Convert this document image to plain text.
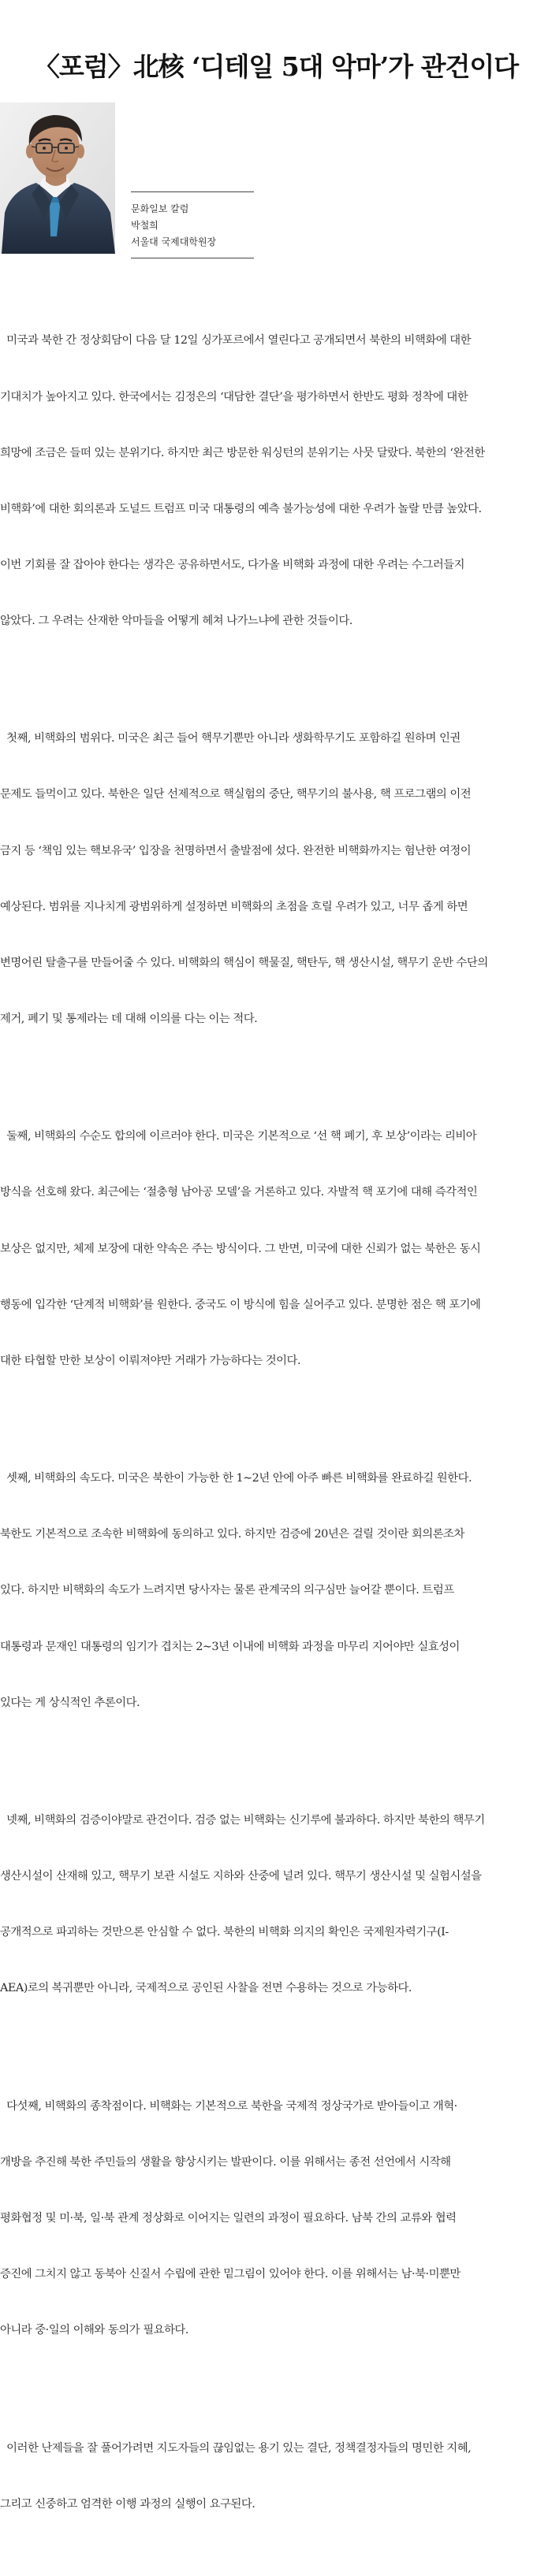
〈포럼〉北核 ‘디테일 5대 악마’가 관건이다
문화일보 칼럼
박철희
서울대 국제대학원장

미국과 북한 간 정상회담이 다음 달 12일 싱가포르에서 열린다고 공개되면서 북한의 비핵화에 대한

기대치가 높아지고 있다. 한국에서는 김정은의 ‘대담한 결단’을 평가하면서 한반도 평화 정착에 대한

희망에 조금은 들떠 있는 분위기다. 하지만 최근 방문한 워싱턴의 분위기는 사뭇 달랐다. 북한의 ‘완전한

비핵화’에 대한 회의론과 도널드 트럼프 미국 대통령의 예측 불가능성에 대한 우려가 놀랄 만큼 높았다.

이번 기회를 잘 잡아야 한다는 생각은 공유하면서도, 다가올 비핵화 과정에 대한 우려는 수그러들지

않았다. 그 우려는 산재한 악마들을 어떻게 헤쳐 나가느냐에 관한 것들이다.

첫째, 비핵화의 범위다. 미국은 최근 들어 핵무기뿐만 아니라 생화학무기도 포함하길 원하며 인권

문제도 들먹이고 있다. 북한은 일단 선제적으로 핵실험의 중단, 핵무기의 불사용, 핵 프로그램의 이전

금지 등 ‘책임 있는 핵보유국’ 입장을 천명하면서 출발점에 섰다. 완전한 비핵화까지는 험난한 여정이

예상된다. 범위를 지나치게 광범위하게 설정하면 비핵화의 초점을 흐릴 우려가 있고, 너무 좁게 하면

변명어린 탈출구를 만들어줄 수 있다. 비핵화의 핵심이 핵물질, 핵탄두, 핵 생산시설, 핵무기 운반 수단의

제거, 폐기 및 통제라는 데 대해 이의를 다는 이는 적다.

둘째, 비핵화의 수순도 합의에 이르러야 한다. 미국은 기본적으로 ‘선 핵 폐기, 후 보상’이라는 리비아

방식을 선호해 왔다. 최근에는 ‘절충형 남아공 모델’을 거론하고 있다. 자발적 핵 포기에 대해 즉각적인

보상은 없지만, 체제 보장에 대한 약속은 주는 방식이다. 그 반면, 미국에 대한 신뢰가 없는 북한은 동시

행동에 입각한 ‘단계적 비핵화’를 원한다. 중국도 이 방식에 힘을 실어주고 있다. 분명한 점은 핵 포기에

대한 타협할 만한 보상이 이뤄져야만 거래가 가능하다는 것이다.

셋째, 비핵화의 속도다. 미국은 북한이 가능한 한 1∼2년 안에 아주 빠른 비핵화를 완료하길 원한다.

북한도 기본적으로 조속한 비핵화에 동의하고 있다. 하지만 검증에 20년은 걸릴 것이란 회의론조차

있다. 하지만 비핵화의 속도가 느려지면 당사자는 물론 관계국의 의구심만 늘어갈 뿐이다. 트럼프

대통령과 문재인 대통령의 임기가 겹치는 2∼3년 이내에 비핵화 과정을 마무리 지어야만 실효성이

있다는 게 상식적인 추론이다.

넷째, 비핵화의 검증이야말로 관건이다. 검증 없는 비핵화는 신기루에 불과하다. 하지만 북한의 핵무기

생산시설이 산재해 있고, 핵무기 보관 시설도 지하와 산중에 널려 있다. 핵무기 생산시설 및 실험시설을

공개적으로 파괴하는 것만으론 안심할 수 없다. 북한의 비핵화 의지의 확인은 국제원자력기구(I-

AEA)로의 복귀뿐만 아니라, 국제적으로 공인된 사찰을 전면 수용하는 것으로 가능하다.

다섯째, 비핵화의 종착점이다. 비핵화는 기본적으로 북한을 국제적 정상국가로 받아들이고 개혁·

개방을 추진해 북한 주민들의 생활을 향상시키는 발판이다. 이를 위해서는 종전 선언에서 시작해

평화협정 및 미·북, 일·북 관계 정상화로 이어지는 일련의 과정이 필요하다. 남북 간의 교류와 협력

증진에 그치지 않고 동북아 신질서 수립에 관한 밑그림이 있어야 한다. 이를 위해서는 남·북·미뿐만

아니라 중·일의 이해와 동의가 필요하다.

이러한 난제들을 잘 풀어가려면 지도자들의 끊임없는 용기 있는 결단, 정책결정자들의 명민한 지혜,

그리고 신중하고 엄격한 이행 과정의 실행이 요구된다.
